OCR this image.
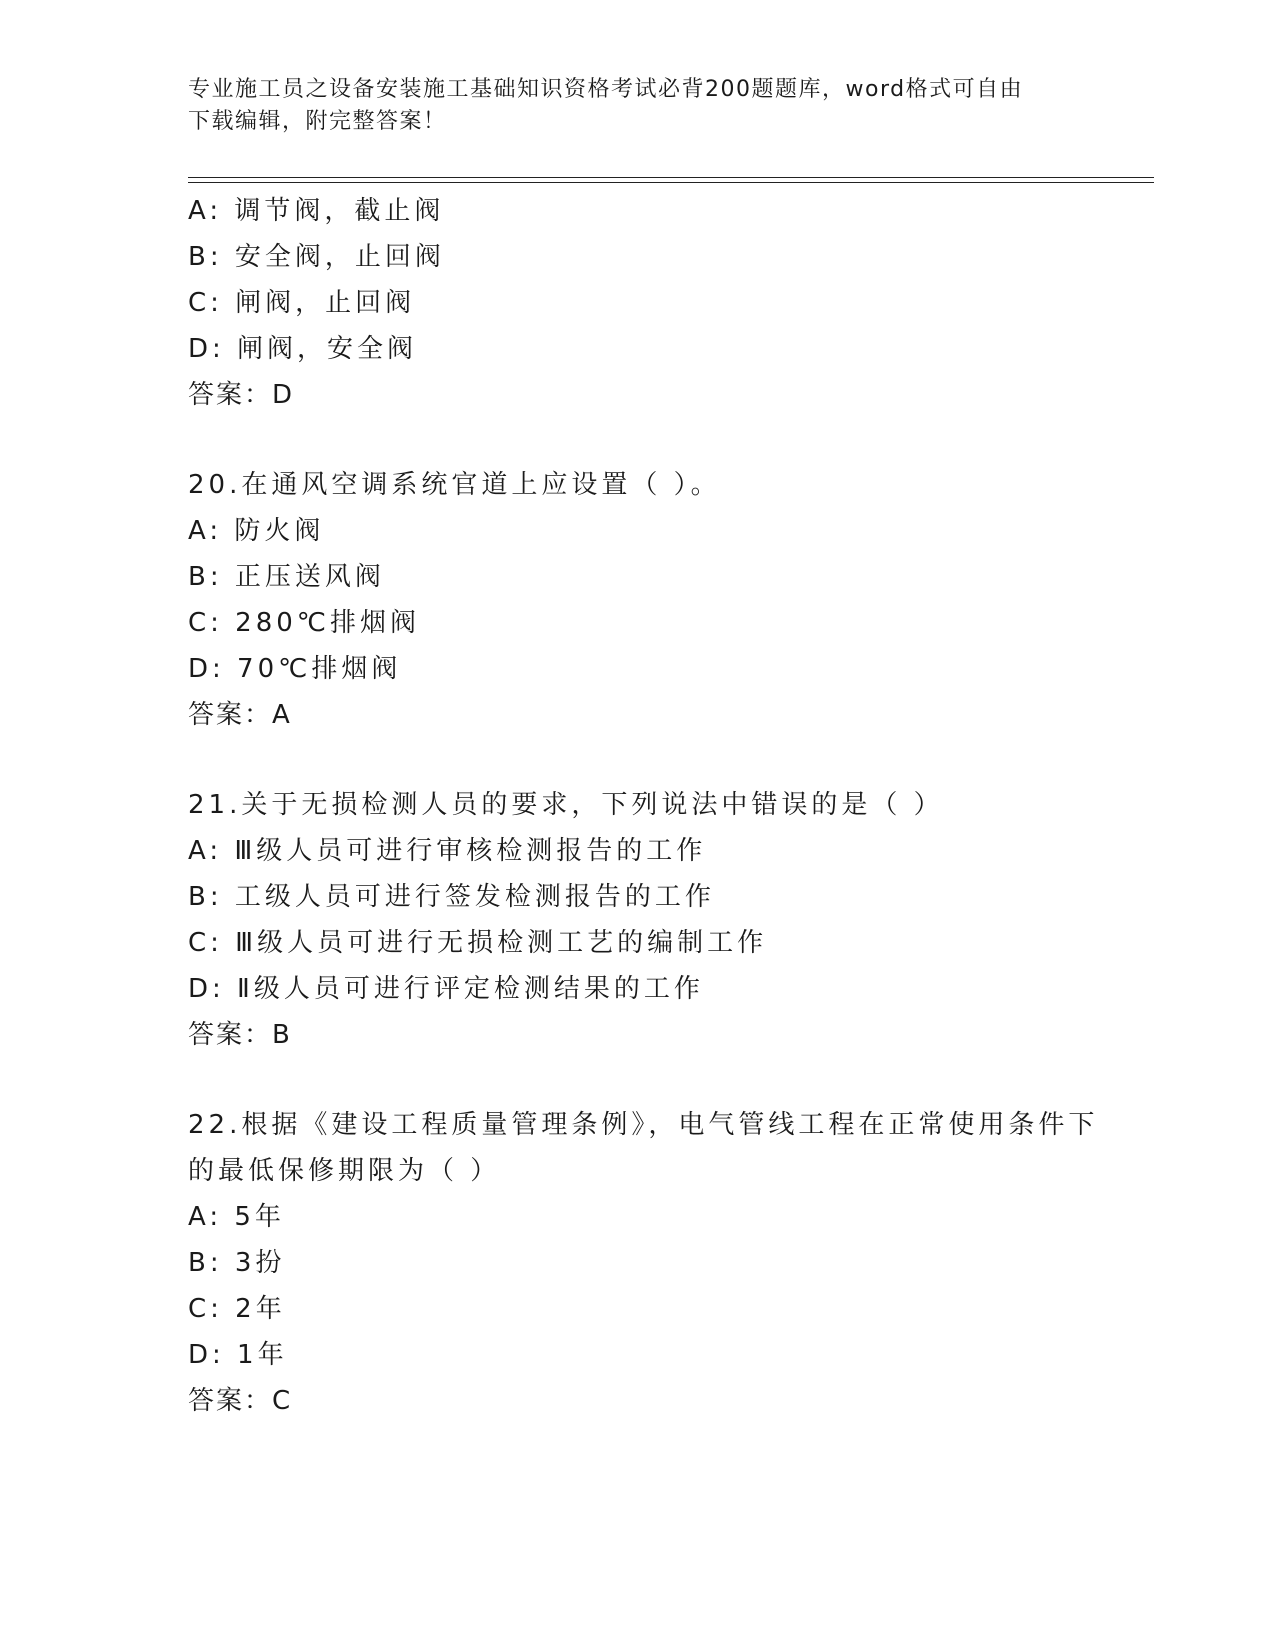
专业施工员之设备安装施工基础知识资格考试必背200题题库，word格式可自由
下载编辑，附完整答案！
A: 调节阀，截止阀
B: 安全阀，止回阀
C: 闸阀，止回阀
D: 闸阀，安全阀
答案：D
20.在通风空调系统官道上应设置（ ）。
A: 防火阀
B: 正压送风阀
C: 280℃排烟阀
D: 70℃排烟阀
答案：A
21.关于无损检测人员的要求，下列说法中错误的是（ ）
A: Ⅲ级人员可进行审核检测报告的工作
B: 工级人员可进行签发检测报告的工作
C: Ⅲ级人员可进行无损检测工艺的编制工作
D: Ⅱ级人员可进行评定检测结果的工作
答案：B
22.根据《建设工程质量管理条例》，电气管线工程在正常使用条件下
的最低保修期限为（ ）
A: 5年
B: 3扮
C: 2年
D: 1年
答案：C
